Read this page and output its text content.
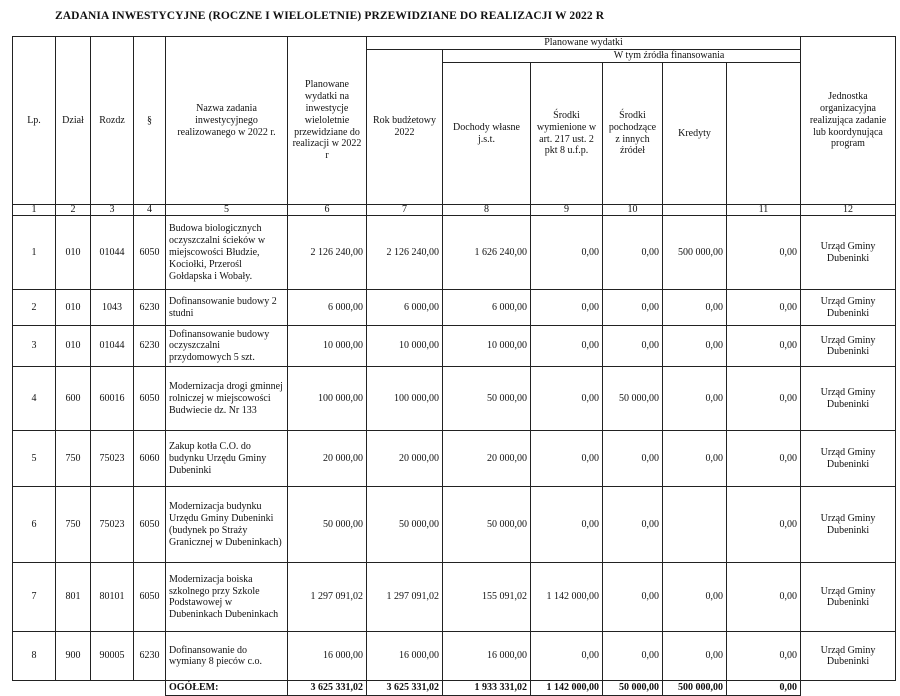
ZADANIA INWESTYCYJNE (ROCZNE I WIELOLETNIE) PRZEWIDZIANE DO REALIZACJI W 2022 R
Lp.	Dział	Rozdz	§	Nazwa zadania inwestycyjnego realizowanego w 2022 r.	Planowane wydatki na inwestycje wieloletnie przewidziane do realizacji w 2022 r	Planowane wydatki						Jednostka organizacyjna realizująca zadanie lub koordynująca program	
						Rok budżetowy 2022	W tym źródła finansowania						
							Dochody własne j.s.t.	Środki wymienione w art. 217 ust. 2 pkt 8 u.f.p.	Środki pochodzące z innych źródeł	Kredyty		
1	2	3	4	5	6	7	8	9	10		11	12	
1	010	01044	6050	Budowa biologicznych oczyszczalni ścieków w miejscowości Błudzie, Kociołki, Przerośl Gołdapska i Wobały.	2 126 240,00	2 126 240,00	1 626 240,00	0,00	0,00	500 000,00	0,00	Urząd Gminy Dubeninki	
2	010	1043	6230	Dofinansowanie budowy 2 studni	6 000,00	6 000,00	6 000,00	0,00	0,00	0,00	0,00	Urząd Gminy Dubeninki	
3	010	01044	6230	Dofinansowanie budowy oczyszczalni przydomowych 5 szt.	10 000,00	10 000,00	10 000,00	0,00	0,00	0,00	0,00	Urząd Gminy Dubeninki	
4	600	60016	6050	Modernizacja drogi gminnej rolniczej w miejscowości Budwiecie dz. Nr 133	100 000,00	100 000,00	50 000,00	0,00	50 000,00	0,00	0,00	Urząd Gminy Dubeninki	
5	750	75023	6060	Zakup kotła C.O. do budynku Urzędu Gminy Dubeninki	20 000,00	20 000,00	20 000,00	0,00	0,00	0,00	0,00	Urząd Gminy Dubeninki	
6	750	75023	6050	Modernizacja budynku Urzędu Gminy Dubeninki (budynek po Straży Granicznej w Dubeninkach)	50 000,00	50 000,00	50 000,00	0,00	0,00		0,00	Urząd Gminy Dubeninki	
7	801	80101	6050	Modernizacja boiska szkolnego przy Szkole Podstawowej w Dubeninkach Dubeninkach	1 297 091,02	1 297 091,02	155 091,02	1 142 000,00	0,00	0,00	0,00	Urząd Gminy Dubeninki	
8	900	90005	6230	Dofinansowanie do wymiany 8 pieców c.o.	16 000,00	16 000,00	16 000,00	0,00	0,00	0,00	0,00	Urząd Gminy Dubeninki	
				OGÓŁEM:	3 625 331,02	3 625 331,02	1 933 331,02	1 142 000,00	50 000,00	500 000,00	0,00		
